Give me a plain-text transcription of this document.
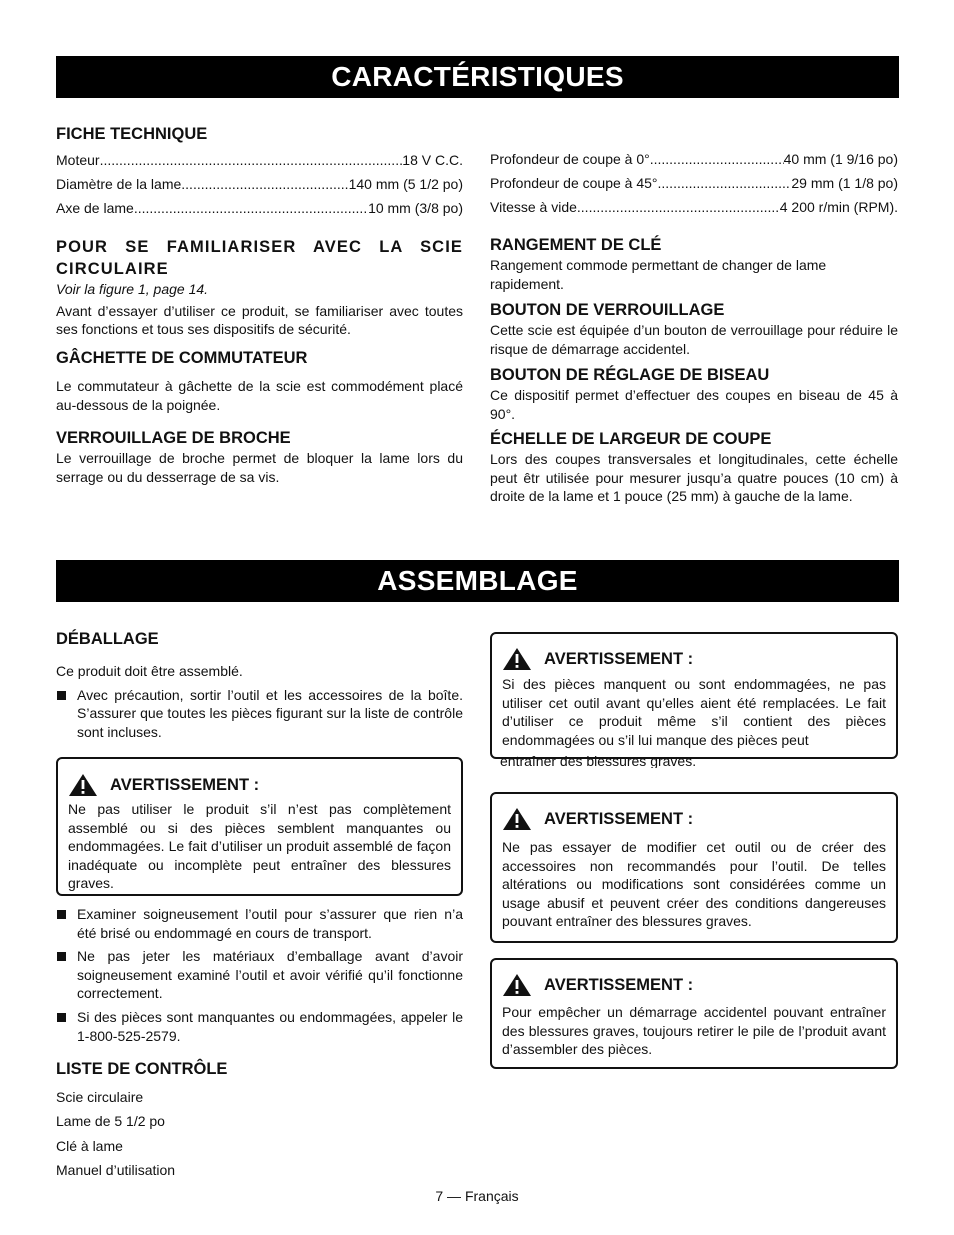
CARACTÉRISTIQUES
FICHE TECHNIQUE
Moteur .....	18 V C.C.
Diamètre de la lame .....	140 mm (5 1/2 po)
Axe de lame .....	10 mm (3/8 po)
POUR SE FAMILIARISER AVEC LA SCIE CIRCULAIRE
Voir la figure 1, page 14.
Avant d’essayer d’utiliser ce produit, se familiariser avec toutes ses fonctions et tous ses dispositifs de sécurité.
GÂCHETTE DE COMMUTATEUR
Le commutateur à gâchette de la scie est commodément placé au-dessous de la poignée.
VERROUILLAGE DE BROCHE
Le verrouillage de broche permet de bloquer la lame lors du serrage ou du desserrage de sa vis.
Profondeur de coupe à 0° .....	40 mm (1 9/16 po)
Profondeur de coupe à 45° .....	29 mm (1 1/8 po)
Vitesse à vide .....	4 200 r/min (RPM).
RANGEMENT DE CLÉ
Rangement commode permettant de changer de lame rapidement.
BOUTON DE VERROUILLAGE
Cette scie est équipée d’un bouton de verrouillage pour réduire le risque de démarrage accidentel.
BOUTON DE RÉGLAGE DE BISEAU
Ce dispositif permet d’effectuer des coupes en biseau de 45 à 90°.
ÉCHELLE DE LARGEUR DE COUPE
Lors des coupes transversales et longitudinales, cette échelle peut êtr utilisée pour mesurer jusqu’a quatre pouces (10 cm) à droite de la lame et 1 pouce (25 mm) à gauche de la lame.
ASSEMBLAGE
DÉBALLAGE
Ce produit doit être assemblé.
Avec précaution, sortir l’outil et les accessoires de la boîte. S’assurer que toutes les pièces figurant sur la liste de contrôle sont incluses.
AVERTISSEMENT :
Ne pas utiliser le produit s’il n’est pas complètement assemblé ou si des pièces semblent manquantes ou endommagées. Le fait d’utiliser un produit assemblé de façon inadéquate ou incomplète peut entraîner des blessures graves.
Examiner soigneusement l’outil pour s’assurer que rien n’a été brisé ou endommagé en cours de transport.
Ne pas jeter les matériaux d’emballage avant d’avoir soigneusement examiné l’outil et avoir vérifié qu’il fonctionne correctement.
Si des pièces sont manquantes ou endommagées, appeler le 1-800-525-2579.
LISTE DE CONTRÔLE
Scie circulaire
Lame de 5 1/2 po
Clé à lame
Manuel d’utilisation
AVERTISSEMENT :
Si des pièces manquent ou sont endommagées, ne pas utiliser cet outil avant qu’elles aient été remplacées. Le fait d’utiliser ce produit même s’il contient des pièces endommagées ou s’il lui manque des pièces peut
entraîner des blessures graves.
AVERTISSEMENT :
Ne pas essayer de modifier cet outil ou de créer des accessoires non recommandés pour l’outil. De telles altérations ou modifications sont considérées comme un usage abusif et peuvent créer des conditions dangereuses pouvant entraîner des blessures graves.
AVERTISSEMENT :
Pour empêcher un démarrage accidentel pouvant entraîner des blessures graves, toujours retirer le pile de l’produit avant d’assembler des pièces.
7 — Français
